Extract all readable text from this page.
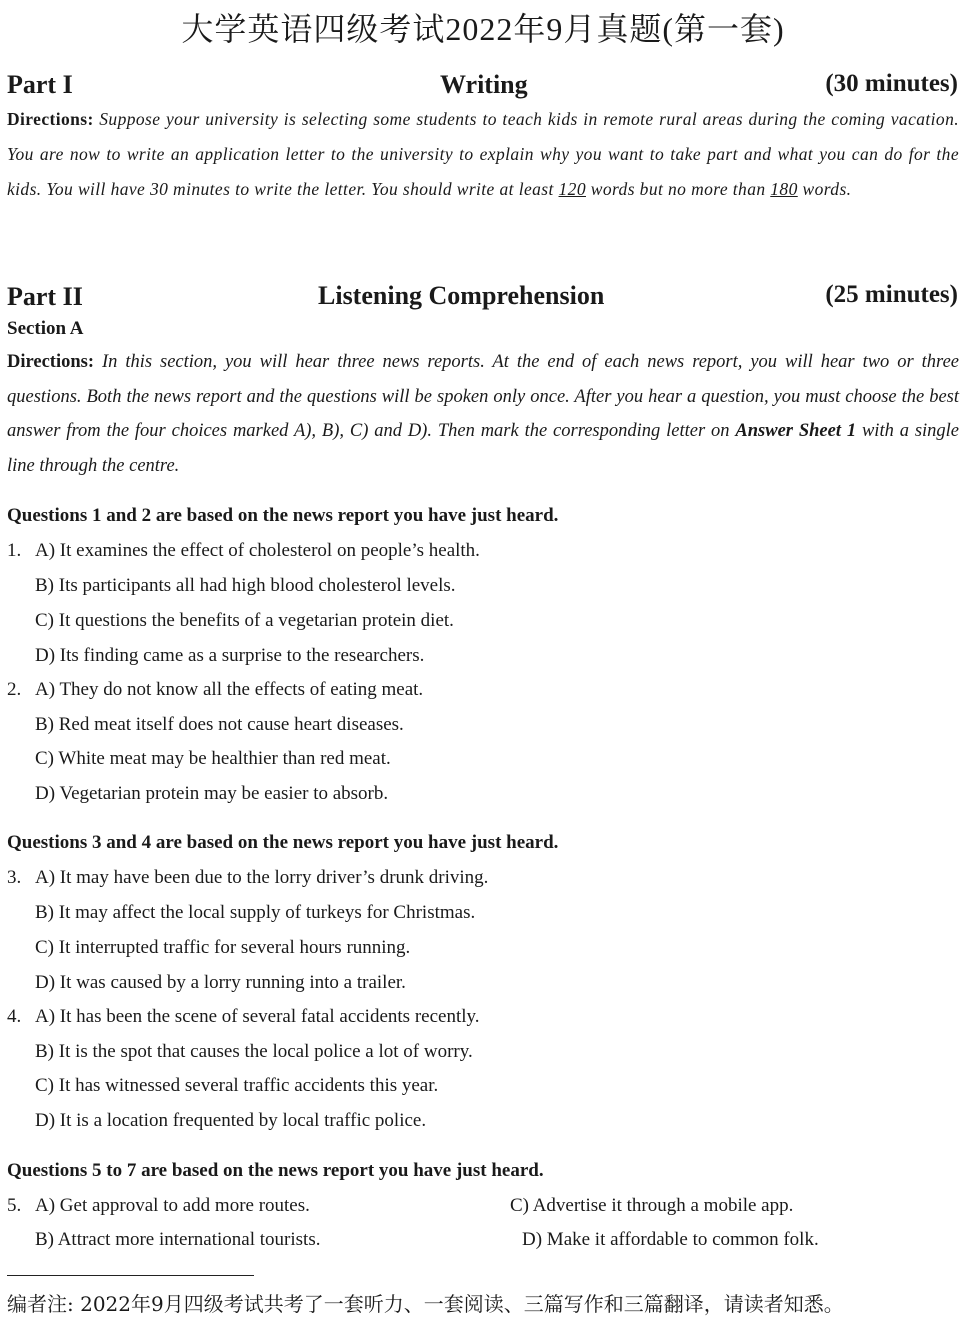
大学英语四级考试2022年9月真题(第一套)
Part I	Writing	(30 minutes)
Directions: Suppose your university is selecting some students to teach kids in remote rural areas during the coming vacation. You are now to write an application letter to the university to explain why you want to take part and what you can do for the kids. You will have 30 minutes to write the letter. You should write at least 120 words but no more than 180 words.
Part II	Listening Comprehension	(25 minutes)
Section A
Directions: In this section, you will hear three news reports. At the end of each news report, you will hear two or three questions. Both the news report and the questions will be spoken only once. After you hear a question, you must choose the best answer from the four choices marked A), B), C) and D). Then mark the corresponding letter on Answer Sheet 1 with a single line through the centre.
Questions 1 and 2 are based on the news report you have just heard.
1. A) It examines the effect of cholesterol on people’s health.
B) Its participants all had high blood cholesterol levels.
C) It questions the benefits of a vegetarian protein diet.
D) Its finding came as a surprise to the researchers.
2. A) They do not know all the effects of eating meat.
B) Red meat itself does not cause heart diseases.
C) White meat may be healthier than red meat.
D) Vegetarian protein may be easier to absorb.
Questions 3 and 4 are based on the news report you have just heard.
3. A) It may have been due to the lorry driver’s drunk driving.
B) It may affect the local supply of turkeys for Christmas.
C) It interrupted traffic for several hours running.
D) It was caused by a lorry running into a trailer.
4. A) It has been the scene of several fatal accidents recently.
B) It is the spot that causes the local police a lot of worry.
C) It has witnessed several traffic accidents this year.
D) It is a location frequented by local traffic police.
Questions 5 to 7 are based on the news report you have just heard.
5. A) Get approval to add more routes.	C) Advertise it through a mobile app.
B) Attract more international tourists.	D) Make it affordable to common folk.
编者注: 2022年9月四级考试共考了一套听力、一套阅读、三篇写作和三篇翻译，请读者知悉。
